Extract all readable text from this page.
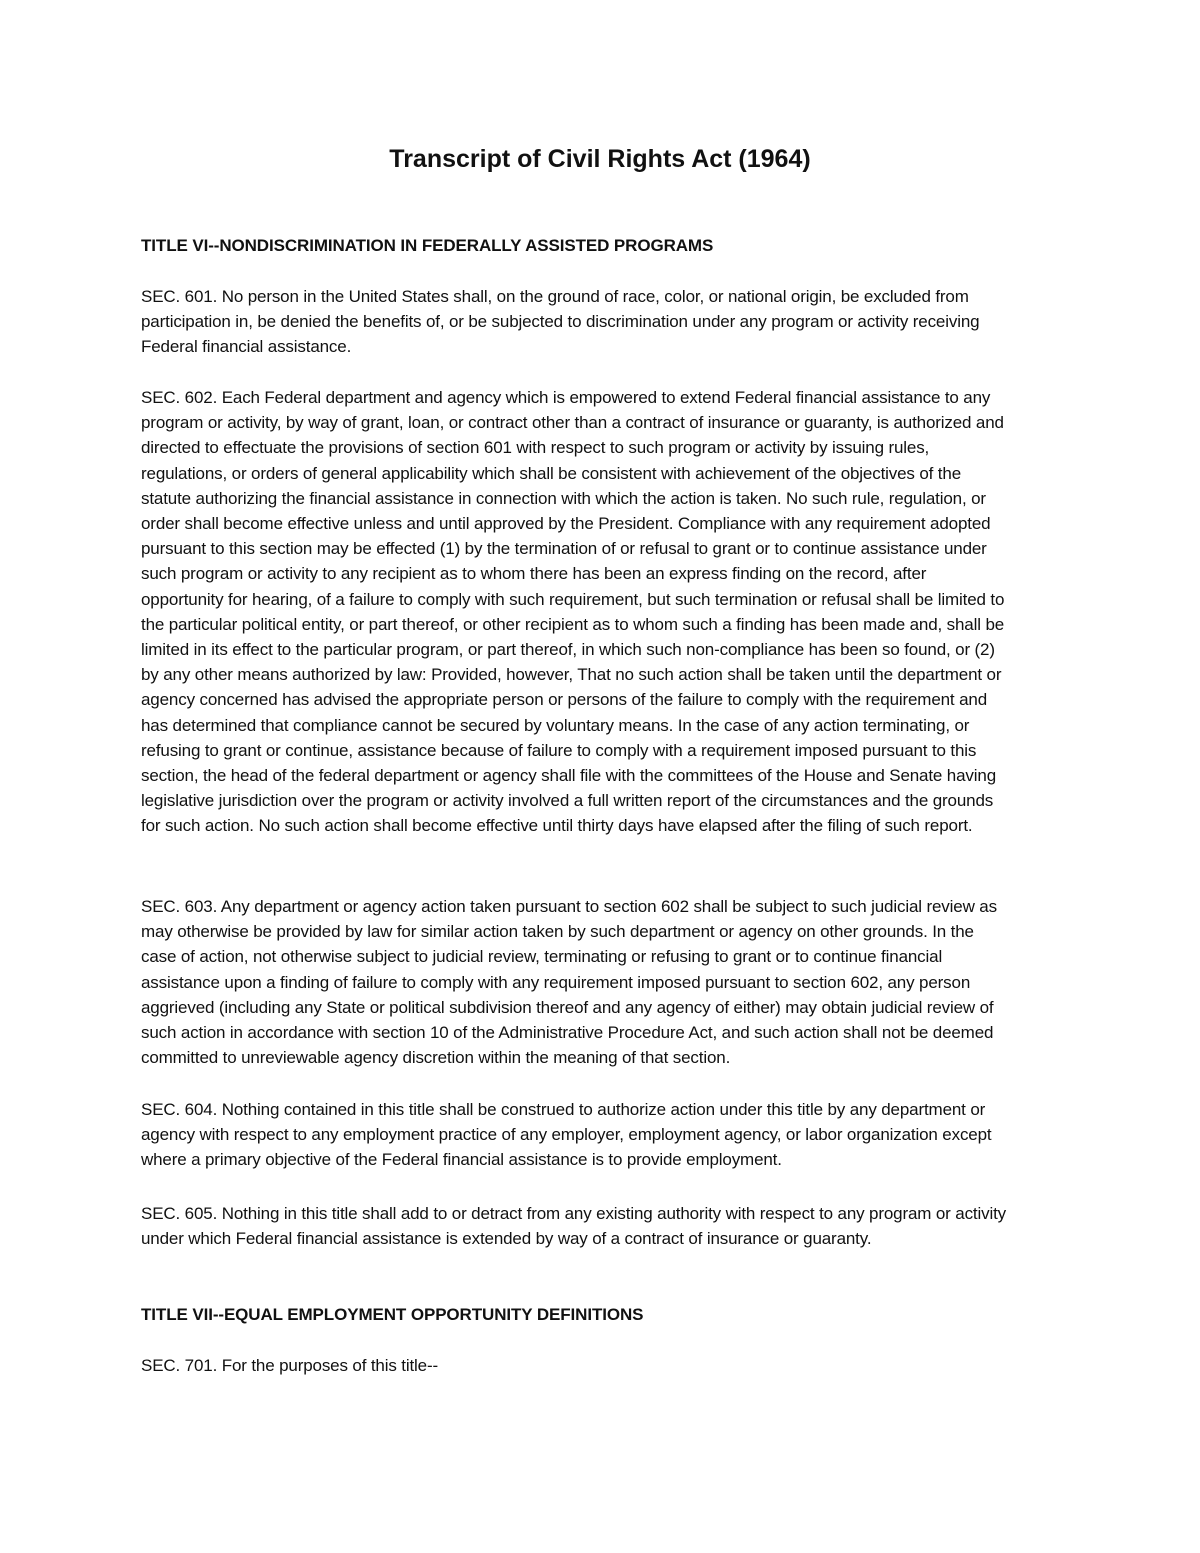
Transcript of Civil Rights Act (1964)
TITLE VI--NONDISCRIMINATION IN FEDERALLY ASSISTED PROGRAMS

SEC. 601. No person in the United States shall, on the ground of race, color, or national origin, be excluded from
participation in, be denied the benefits of, or be subjected to discrimination under any program or activity receiving
Federal financial assistance.

SEC. 602. Each Federal department and agency which is empowered to extend Federal financial assistance to any
program or activity, by way of grant, loan, or contract other than a contract of insurance or guaranty, is authorized and
directed to effectuate the provisions of section 601 with respect to such program or activity by issuing rules,
regulations, or orders of general applicability which shall be consistent with achievement of the objectives of the
statute authorizing the financial assistance in connection with which the action is taken. No such rule, regulation, or
order shall become effective unless and until approved by the President. Compliance with any requirement adopted
pursuant to this section may be effected (1) by the termination of or refusal to grant or to continue assistance under
such program or activity to any recipient as to whom there has been an express finding on the record, after
opportunity for hearing, of a failure to comply with such requirement, but such termination or refusal shall be limited to
the particular political entity, or part thereof, or other recipient as to whom such a finding has been made and, shall be
limited in its effect to the particular program, or part thereof, in which such non-compliance has been so found, or (2)
by any other means authorized by law: Provided, however, That no such action shall be taken until the department or
agency concerned has advised the appropriate person or persons of the failure to comply with the requirement and
has determined that compliance cannot be secured by voluntary means. In the case of any action terminating, or
refusing to grant or continue, assistance because of failure to comply with a requirement imposed pursuant to this
section, the head of the federal department or agency shall file with the committees of the House and Senate having
legislative jurisdiction over the program or activity involved a full written report of the circumstances and the grounds
for such action. No such action shall become effective until thirty days have elapsed after the filing of such report.

SEC. 603. Any department or agency action taken pursuant to section 602 shall be subject to such judicial review as
may otherwise be provided by law for similar action taken by such department or agency on other grounds. In the
case of action, not otherwise subject to judicial review, terminating or refusing to grant or to continue financial
assistance upon a finding of failure to comply with any requirement imposed pursuant to section 602, any person
aggrieved (including any State or political subdivision thereof and any agency of either) may obtain judicial review of
such action in accordance with section 10 of the Administrative Procedure Act, and such action shall not be deemed
committed to unreviewable agency discretion within the meaning of that section.

SEC. 604. Nothing contained in this title shall be construed to authorize action under this title by any department or
agency with respect to any employment practice of any employer, employment agency, or labor organization except
where a primary objective of the Federal financial assistance is to provide employment.

SEC. 605. Nothing in this title shall add to or detract from any existing authority with respect to any program or activity
under which Federal financial assistance is extended by way of a contract of insurance or guaranty.

TITLE VII--EQUAL EMPLOYMENT OPPORTUNITY DEFINITIONS

SEC. 701. For the purposes of this title--
